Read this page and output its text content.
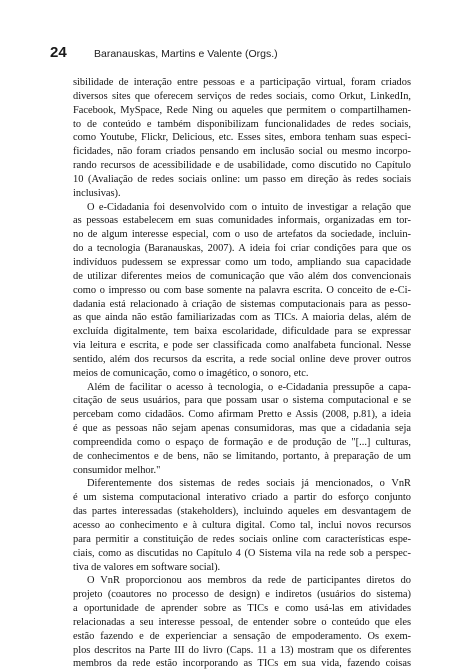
24	Baranauskas, Martins e Valente (Orgs.)
sibilidade de interação entre pessoas e a participação virtual, foram criados
diversos sites que oferecem serviços de redes sociais, como Orkut, LinkedIn,
Facebook, MySpace, Rede Ning ou aqueles que permitem o compartilhamen-
to de conteúdo e também disponibilizam funcionalidades de redes sociais,
como Youtube, Flickr, Delicious, etc. Esses sites, embora tenham suas especi-
ficidades, não foram criados pensando em inclusão social ou mesmo incorpo-
rando recursos de acessibilidade e de usabilidade, como discutido no Capítulo
10 (Avaliação de redes sociais online: um passo em direção às redes sociais
inclusivas).
O e-Cidadania foi desenvolvido com o intuito de investigar a relação que
as pessoas estabelecem em suas comunidades informais, organizadas em tor-
no de algum interesse especial, com o uso de artefatos da sociedade, incluin-
do a tecnologia (Baranauskas, 2007). A ideia foi criar condições para que os
indivíduos pudessem se expressar como um todo, ampliando sua capacidade
de utilizar diferentes meios de comunicação que vão além dos convencionais
como o impresso ou com base somente na palavra escrita. O conceito de e-Ci-
dadania está relacionado à criação de sistemas computacionais para as pesso-
as que ainda não estão familiarizadas com as TICs. A maioria delas, além de
excluída digitalmente, tem baixa escolaridade, dificuldade para se expressar
via leitura e escrita, e pode ser classificada como analfabeta funcional. Nesse
sentido, além dos recursos da escrita, a rede social online deve prover outros
meios de comunicação, como o imagético, o sonoro, etc.
Além de facilitar o acesso à tecnologia, o e-Cidadania pressupõe a capa-
citação de seus usuários, para que possam usar o sistema computacional e se
percebam como cidadãos. Como afirmam Pretto e Assis (2008, p.81), a ideia
é que as pessoas não sejam apenas consumidoras, mas que a cidadania seja
compreendida como o espaço de formação e de produção de "[...] culturas,
de conhecimentos e de bens, não se limitando, portanto, à preparação de um
consumidor melhor."
Diferentemente dos sistemas de redes sociais já mencionados, o VnR
é um sistema computacional interativo criado a partir do esforço conjunto
das partes interessadas (stakeholders), incluindo aqueles em desvantagem de
acesso ao conhecimento e à cultura digital. Como tal, inclui novos recursos
para permitir a constituição de redes sociais online com características espe-
ciais, como as discutidas no Capítulo 4 (O Sistema vila na rede sob a perspec-
tiva de valores em software social).
O VnR proporcionou aos membros da rede de participantes diretos do
projeto (coautores no processo de design) e indiretos (usuários do sistema)
a oportunidade de aprender sobre as TICs e como usá-las em atividades
relacionadas a seu interesse pessoal, de entender sobre o conteúdo que eles
estão fazendo e de experienciar a sensação de empoderamento. Os exem-
plos descritos na Parte III do livro (Caps. 11 a 13) mostram que os diferentes
membros da rede estão incorporando as TICs em sua vida, fazendo coisas
